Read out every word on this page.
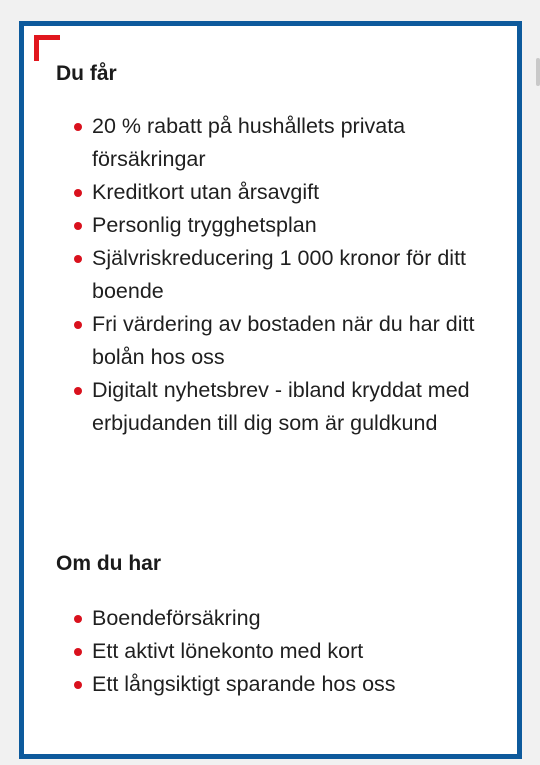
Du får
20 % rabatt på hushållets privata försäkringar
Kreditkort utan årsavgift
Personlig trygghetsplan
Självriskreducering 1 000 kronor för ditt boende
Fri värdering av bostaden när du har ditt bolån hos oss
Digitalt nyhetsbrev - ibland kryddat med erbjudanden till dig som är guldkund
Om du har
Boendeförsäkring
Ett aktivt lönekonto med kort
Ett långsiktigt sparande hos oss
